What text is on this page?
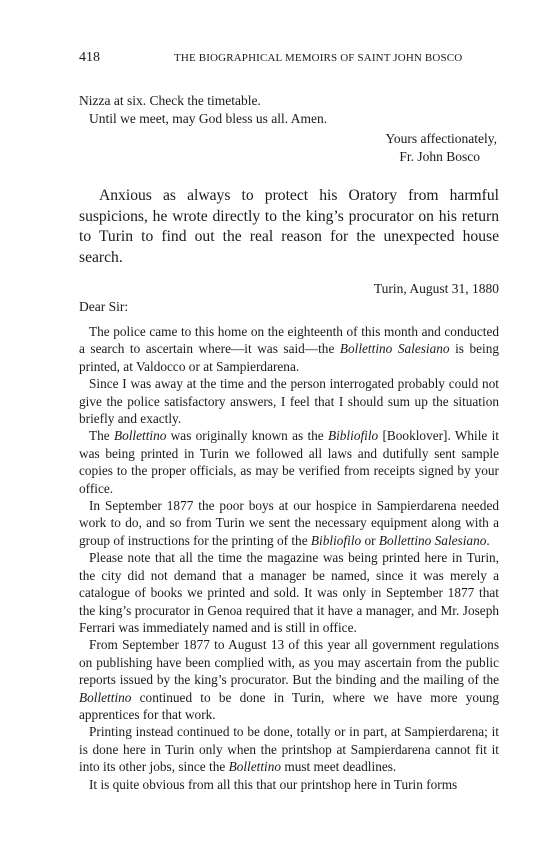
418	THE BIOGRAPHICAL MEMOIRS OF SAINT JOHN BOSCO
Nizza at six. Check the timetable.
Until we meet, may God bless us all. Amen.
Yours affectionately,
Fr. John Bosco

Anxious as always to protect his Oratory from harmful suspicions, he wrote directly to the king’s procurator on his return to Turin to find out the real reason for the unexpected house search.

Turin, August 31, 1880
Dear Sir:

The police came to this home on the eighteenth of this month and conducted a search to ascertain where—it was said—the Bollettino Salesiano is being printed, at Valdocco or at Sampierdarena.

Since I was away at the time and the person interrogated probably could not give the police satisfactory answers, I feel that I should sum up the situation briefly and exactly.

The Bollettino was originally known as the Bibliofilo [Booklover]. While it was being printed in Turin we followed all laws and dutifully sent sample copies to the proper officials, as may be verified from receipts signed by your office.

In September 1877 the poor boys at our hospice in Sampierdarena needed work to do, and so from Turin we sent the necessary equipment along with a group of instructions for the printing of the Bibliofilo or Bollettino Salesiano.

Please note that all the time the magazine was being printed here in Turin, the city did not demand that a manager be named, since it was merely a catalogue of books we printed and sold. It was only in September 1877 that the king’s procurator in Genoa required that it have a manager, and Mr. Joseph Ferrari was immediately named and is still in office.

From September 1877 to August 13 of this year all government regulations on publishing have been complied with, as you may ascertain from the public reports issued by the king’s procurator. But the binding and the mailing of the Bollettino continued to be done in Turin, where we have more young apprentices for that work.

Printing instead continued to be done, totally or in part, at Sampierdarena; it is done here in Turin only when the printshop at Sampierdarena cannot fit it into its other jobs, since the Bollettino must meet deadlines.

It is quite obvious from all this that our printshop here in Turin forms
